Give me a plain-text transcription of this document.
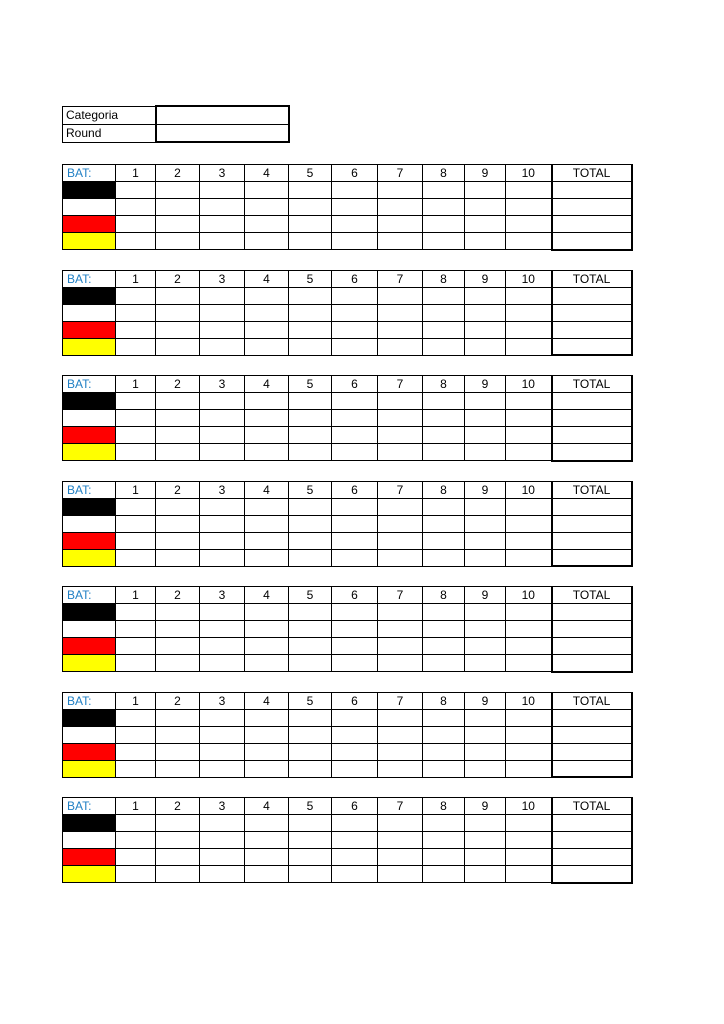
Categoria	
Round	
BAT:	1	2	3	4	5	6	7	8	9	10	TOTAL

BAT:	1	2	3	4	5	6	7	8	9	10	TOTAL

BAT:	1	2	3	4	5	6	7	8	9	10	TOTAL

BAT:	1	2	3	4	5	6	7	8	9	10	TOTAL

BAT:	1	2	3	4	5	6	7	8	9	10	TOTAL

BAT:	1	2	3	4	5	6	7	8	9	10	TOTAL

BAT:	1	2	3	4	5	6	7	8	9	10	TOTAL
